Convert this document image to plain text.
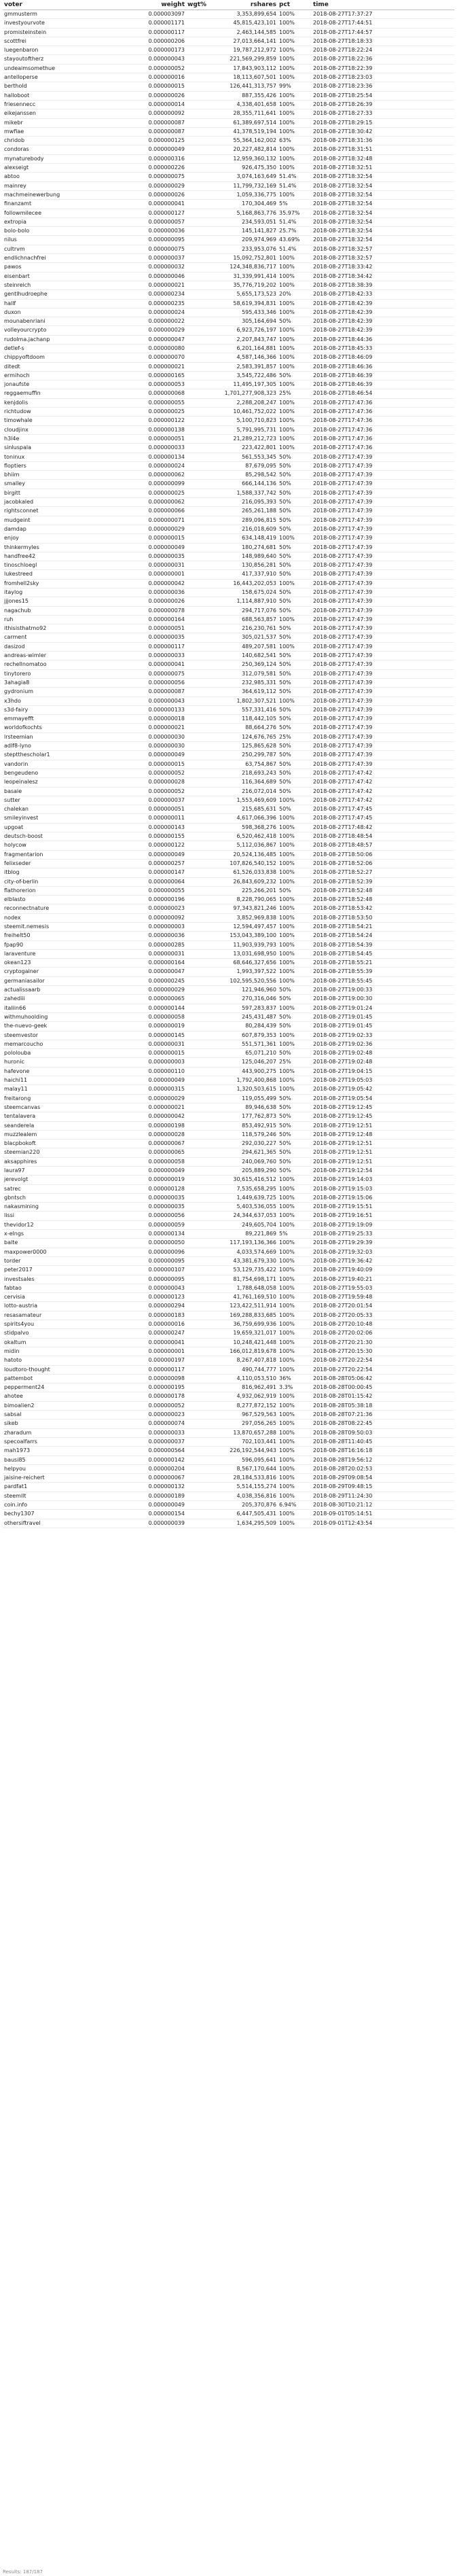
voter	weight	wgt%	rshares	pct	time
gmmusterm	0.000003097		3,353,899,654	100%	2018-08-27T17:37:27
investyourvote	0.000001171		45,815,423,101	100%	2018-08-27T17:44:51
promisteinstein	0.000000117		2,463,144,585	100%	2018-08-27T17:44:57
scottfrei	0.000000206		27,013,664,141	100%	2018-08-27T18:18:33
luegenbaron	0.000000173		19,787,212,972	100%	2018-08-27T18:22:24
stayoutoftherz	0.000000043		221,569,299,859	100%	2018-08-27T18:22:36
undeaimsomethue	0.000000052		17,843,903,112	100%	2018-08-27T18:22:39
antelloperse	0.000000016		18,113,607,501	100%	2018-08-27T18:23:03
berthold	0.000000015		126,441,313,757	99%	2018-08-27T18:23:36
halloboot	0.000000026		887,355,426	100%	2018-08-27T18:25:54
friesennecc	0.000000014		4,338,401,658	100%	2018-08-27T18:26:39
eikejanssen	0.000000092		28,355,711,641	100%	2018-08-27T18:27:33
mikebr	0.000000087		61,389,697,514	100%	2018-08-27T18:29:15
mwfiae	0.000000087		41,378,519,194	100%	2018-08-27T18:30:42
chridob	0.000000125		55,364,162,002	63%	2018-08-27T18:31:36
condoras	0.000000049		20,227,482,814	100%	2018-08-27T18:31:51
mynaturebody	0.000000316		12,959,360,132	100%	2018-08-27T18:32:48
alexseigt	0.000000226		926,475,350	100%	2018-08-27T18:32:51
abtoo	0.000000075		3,074,163,649	51.4%	2018-08-27T18:32:54
mainrey	0.000000029		11,799,732,169	51.4%	2018-08-27T18:32:54
machmeinewerbung	0.000000026		1,059,336,775	100%	2018-08-27T18:32:54
finanzamt	0.000000041		170,304,469	5%	2018-08-27T18:32:54
followmilecee	0.000000127		5,168,863,776	35.97%	2018-08-27T18:32:54
extropia	0.000000057		234,593,051	51.4%	2018-08-27T18:32:54
bolo-bolo	0.000000036		145,141,827	25.7%	2018-08-27T18:32:54
nilus	0.000000095		209,974,969	43.69%	2018-08-27T18:32:54
cultrvm	0.000000075		233,953,076	51.4%	2018-08-27T18:32:57
endlichnachfrei	0.000000037		15,092,752,801	100%	2018-08-27T18:32:57
pawos	0.000000032		124,348,836,717	100%	2018-08-27T18:33:42
eisenbart	0.000000046		31,339,991,414	100%	2018-08-27T18:34:42
steinreich	0.000000021		35,776,719,202	100%	2018-08-27T18:38:39
gentlhudroephe	0.000000234		5,655,173,523	20%	2018-08-27T18:42:33
hallf	0.000000235		58,619,394,831	100%	2018-08-27T18:42:39
duxon	0.000000024		595,433,346	100%	2018-08-27T18:42:39
mounabenriani	0.000000022		305,164,694	50%	2018-08-27T18:42:39
volleyourcrypto	0.000000029		6,923,726,197	100%	2018-08-27T18:42:39
rudolma.jachanp	0.000000047		2,207,843,747	100%	2018-08-27T18:44:36
detlef-s	0.000000080		6,201,164,881	100%	2018-08-27T18:45:33
chippyoftdoom	0.000000070		4,587,146,366	100%	2018-08-27T18:46:09
ditedt	0.000000021		2,583,391,857	100%	2018-08-27T18:46:36
ermihoch	0.000000165		3,545,722,486	50%	2018-08-27T18:46:39
jonaufste	0.000000053		11,495,197,305	100%	2018-08-27T18:46:39
reggaemuffin	0.000000068		1,701,277,908,323	25%	2018-08-27T18:46:54
kenjdolis	0.000000055		2,288,208,247	100%	2018-08-27T17:47:36
richtudow	0.000000025		10,461,752,022	100%	2018-08-27T17:47:36
timowhale	0.000000122		5,100,710,823	100%	2018-08-27T17:47:36
cloudjinx	0.000000138		5,791,995,731	100%	2018-08-27T17:47:36
h3l4e	0.000000051		21,289,212,723	100%	2018-08-27T17:47:36
sinluspala	0.000000033		223,422,801	100%	2018-08-27T17:47:36
toninux	0.000000134		561,553,345	50%	2018-08-27T17:47:39
floptiers	0.000000024		87,679,095	50%	2018-08-27T17:47:39
bhiim	0.000000062		85,298,542	50%	2018-08-27T17:47:39
smalley	0.000000099		666,144,136	50%	2018-08-27T17:47:39
birgitt	0.000000025		1,588,337,742	50%	2018-08-27T17:47:39
jacobkaled	0.000000062		216,095,393	50%	2018-08-27T17:47:39
rightsconnet	0.000000066		265,261,188	50%	2018-08-27T17:47:39
mudgeint	0.000000071		289,096,815	50%	2018-08-27T17:47:39
damdap	0.000000029		216,018,609	50%	2018-08-27T17:47:39
enjoy	0.000000015		634,148,419	100%	2018-08-27T17:47:39
thinkermyles	0.000000049		180,274,681	50%	2018-08-27T17:47:39
handfree42	0.000000035		148,989,640	50%	2018-08-27T17:47:39
tinoschloegl	0.000000031		130,856,281	50%	2018-08-27T17:47:39
lukestreed	0.000000001		417,337,910	50%	2018-08-27T17:47:39
fromhell2sky	0.000000042		16,443,202,053	100%	2018-08-27T17:47:39
itaylog	0.000000036		158,675,024	50%	2018-08-27T17:47:39
jjjones15	0.000000026		1,114,887,910	50%	2018-08-27T17:47:39
nagachub	0.000000078		294,717,076	50%	2018-08-27T17:47:39
ruh	0.000000164		688,563,857	100%	2018-08-27T17:47:39
ithisisthatmo92	0.000000051		216,230,761	50%	2018-08-27T17:47:39
carment	0.000000035		305,021,537	50%	2018-08-27T17:47:39
dasizod	0.000000117		489,207,581	100%	2018-08-27T17:47:39
andreas-wimler	0.000000033		140,682,541	50%	2018-08-27T17:47:39
rechellnomatoo	0.000000041		250,369,124	50%	2018-08-27T17:47:39
tinytorero	0.000000075		312,079,581	50%	2018-08-27T17:47:39
3ahagia8	0.000000056		232,985,331	50%	2018-08-27T17:47:39
gydronium	0.000000087		364,619,112	50%	2018-08-27T17:47:39
x3hdo	0.000000043		1,802,307,521	100%	2018-08-27T17:47:39
s3d-fairy	0.000000133		557,331,416	50%	2018-08-27T17:47:39
emmayefft	0.000000018		118,442,105	50%	2018-08-27T17:47:39
worldofkochts	0.000000021		88,664,276	50%	2018-08-27T17:47:39
lrsteemian	0.000000030		124,676,765	25%	2018-08-27T17:47:39
adlf8-lyno	0.000000030		125,865,628	50%	2018-08-27T17:47:39
steptthescholar1	0.000000049		250,299,787	50%	2018-08-27T17:47:39
vandorin	0.000000015		63,754,867	50%	2018-08-27T17:47:39
bengeudeno	0.000000052		218,693,243	50%	2018-08-27T17:47:42
leopeinalesz	0.000000028		116,364,689	50%	2018-08-27T17:47:42
basaie	0.000000052		216,072,014	50%	2018-08-27T17:47:42
sutter	0.000000037		1,553,469,609	100%	2018-08-27T17:47:42
chalekan	0.000000051		215,685,631	50%	2018-08-27T17:47:45
smileyinvest	0.000000011		4,617,066,396	100%	2018-08-27T17:47:45
upgoat	0.000000143		598,368,276	100%	2018-08-27T17:48:42
deutsch-boost	0.000000155		6,520,462,418	100%	2018-08-27T18:48:54
holycow	0.000000122		5,112,036,867	100%	2018-08-27T18:48:57
fragmentarion	0.000000049		20,524,136,485	100%	2018-08-27T18:50:06
felixseder	0.000000257		107,826,540,152	100%	2018-08-27T18:52:06
itblog	0.000000147		61,526,033,838	100%	2018-08-27T18:52:27
city-of-berlin	0.000000064		26,843,609,232	100%	2018-08-27T18:52:39
flathorerion	0.000000055		225,266,201	50%	2018-08-27T18:52:48
elblasto	0.000000196		8,228,790,065	100%	2018-08-27T18:52:48
reconnectnature	0.000000023		97,343,821,246	100%	2018-08-27T18:53:42
nodex	0.000000092		3,852,969,838	100%	2018-08-27T18:53:50
steemit.nemesis	0.000000003		12,594,497,457	100%	2018-08-27T18:54:21
freihelt50	0.000000036		153,043,389,100	100%	2018-08-27T18:54:24
fpap90	0.000000285		11,903,939,793	100%	2018-08-27T18:54:39
laraventure	0.000000031		13,031,698,950	100%	2018-08-27T18:54:45
okean123	0.000000164		68,646,327,656	100%	2018-08-27T18:55:21
cryptogainer	0.000000047		1,993,397,522	100%	2018-08-27T18:55:39
germaniasailor	0.000000245		102,595,520,556	100%	2018-08-27T18:55:45
actualissaarb	0.000000029		121,946,960	50%	2018-08-27T19:00:33
zahediii	0.000000065		270,316,046	50%	2018-08-27T19:00:30
italiin66	0.000000144		597,283,837	100%	2018-08-27T19:01:24
withmuhoolding	0.000000058		245,431,487	50%	2018-08-27T19:01:45
the-nuevo-geek	0.000000019		80,284,439	50%	2018-08-27T19:01:45
steemvestor	0.000000145		607,879,353	100%	2018-08-27T19:02:33
memarcoucho	0.000000031		551,571,361	100%	2018-08-27T19:02:36
pololouba	0.000000015		65,071,210	50%	2018-08-27T19:02:48
huronic	0.000000003		125,046,207	25%	2018-08-27T19:02:48
hafevone	0.000000110		443,900,275	100%	2018-08-27T19:04:15
haichi11	0.000000049		1,792,400,868	100%	2018-08-27T19:05:03
malay11	0.000000315		1,320,503,615	100%	2018-08-27T19:05:42
freitarong	0.000000029		119,055,499	50%	2018-08-27T19:05:54
steemcanvas	0.000000021		89,946,638	50%	2018-08-27T19:12:45
tentalavera	0.000000042		177,762,873	50%	2018-08-27T19:12:45
seanderela	0.000000198		853,492,915	50%	2018-08-27T19:12:51
muzzlealem	0.000000028		118,579,246	50%	2018-08-27T19:12:48
blacpbokoft	0.000000067		292,030,227	50%	2018-08-27T19:12:51
steemian220	0.000000065		294,621,365	50%	2018-08-27T19:12:51
aksapphires	0.000000058		240,069,760	50%	2018-08-27T19:12:51
laura97	0.000000049		205,889,290	50%	2018-08-27T19:12:54
jerevolgt	0.000000019		30,615,416,512	100%	2018-08-27T19:14:03
satrec	0.000000128		7,535,658,295	100%	2018-08-27T19:15:03
gbntsch	0.000000035		1,449,639,725	100%	2018-08-27T19:15:06
nakasmining	0.000000035		5,403,536,055	100%	2018-08-27T19:15:51
lissi	0.000000056		24,344,637,053	100%	2018-08-27T19:16:51
thevidor12	0.000000059		249,605,704	100%	2018-08-27T19:19:09
x-elngs	0.000000134		89,221,869	5%	2018-08-27T19:25:33
balte	0.000000050		117,193,136,366	100%	2018-08-27T19:29:39
maxpower0000	0.000000096		4,033,574,669	100%	2018-08-27T19:32:03
torder	0.000000095		43,381,679,330	100%	2018-08-27T19:36:42
peter2017	0.000000107		53,129,735,422	100%	2018-08-27T19:40:09
investsales	0.000000095		81,754,698,171	100%	2018-08-27T19:40:21
fabtao	0.000000043		1,788,648,058	100%	2018-08-27T19:55:03
cervisia	0.000000123		41,761,169,510	100%	2018-08-27T19:59:48
lotto-austria	0.000000294		123,422,511,914	100%	2018-08-27T20:01:54
resasamateur	0.000000183		169,288,833,685	100%	2018-08-27T20:05:33
spirits4you	0.000000016		36,759,699,936	100%	2018-08-27T20:10:48
stidpalvo	0.000000247		19,659,321,017	100%	2018-08-27T20:02:06
okaltum	0.000000041		10,248,421,448	100%	2018-08-27T20:21:30
midin	0.000000001		166,012,819,678	100%	2018-08-27T20:15:30
hatoto	0.000000197		8,267,407,818	100%	2018-08-27T20:22:54
loudtoro-thought	0.000000117		490,744,777	100%	2018-08-27T20:22:54
pattembot	0.000000098		4,110,053,510	36%	2018-08-28T05:06:42
pepperment24	0.000000195		816,962,491	3.3%	2018-08-28T00:00:45
ahotee	0.000000178		4,932,062,919	100%	2018-08-28T01:15:42
bimoalien2	0.000000052		8,277,872,152	100%	2018-08-28T05:38:18
sabsal	0.000000023		967,529,563	100%	2018-08-28T07:21:36
sikeb	0.000000074		297,056,265	100%	2018-08-28T08:22:45
zharadum	0.000000033		13,870,657,288	100%	2018-08-28T09:50:03
specoalfarrs	0.000000037		702,103,441	100%	2018-08-28T11:40:45
mah1973	0.000000564		226,192,544,943	100%	2018-08-28T16:16:18
bausi85	0.000000142		596,095,641	100%	2018-08-28T19:56:12
helpyou	0.000000204		8,567,170,644	100%	2018-08-28T20:02:53
jaisine-reichert	0.000000067		28,184,533,816	100%	2018-08-29T09:08:54
pardfat1	0.000000132		5,514,155,274	100%	2018-08-29T09:48:15
steemllt	0.000000189		4,038,356,816	100%	2018-08-29T11:24:30
coin.info	0.000000049		205,370,876	6.94%	2018-08-30T10:21:12
bechy1307	0.000000154		6,447,505,431	100%	2018-09-01T05:14:51
othersiftravel	0.000000039		1,634,295,509	100%	2018-09-01T12:43:54
Results: 187/187
